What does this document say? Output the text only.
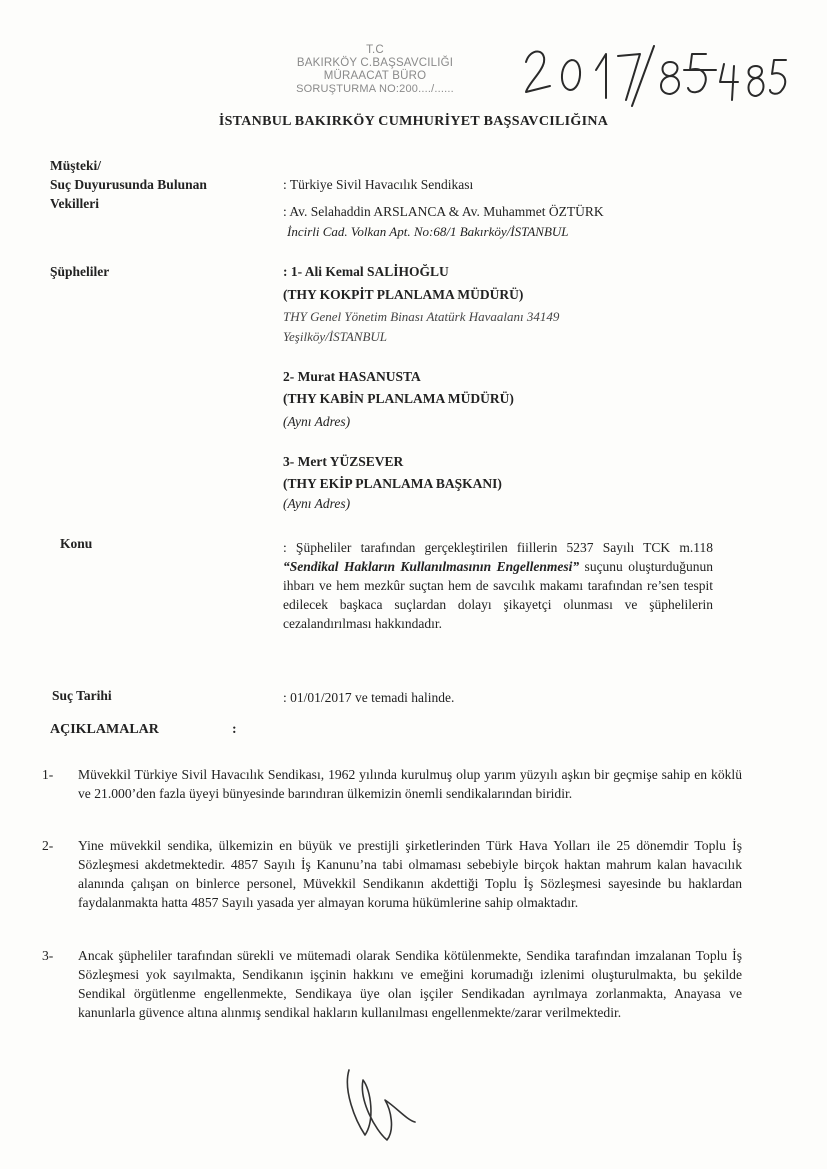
T.C
BAKIRKÖY C.BAŞSAVCILIĞI
MÜRAACAT BÜRO
SORUŞTURMA NO:200..../......
İSTANBUL BAKIRKÖY CUMHURİYET BAŞSAVCILIĞINA
Müşteki/
Suç Duyurusunda Bulunan
Vekilleri
: Türkiye Sivil Havacılık Sendikası
: Av. Selahaddin ARSLANCA & Av. Muhammet ÖZTÜRK
İncirli Cad. Volkan Apt. No:68/1 Bakırköy/İSTANBUL
Şüpheliler	: 1- Ali Kemal SALİHOĞLU
(THY KOKPİT PLANLAMA MÜDÜRÜ)
THY Genel Yönetim Binası Atatürk Havaalanı 34149
Yeşilköy/İSTANBUL
2- Murat HASANUSTA
(THY KABİN PLANLAMA MÜDÜRÜ)
(Aynı Adres)
3- Mert YÜZSEVER
(THY EKİP PLANLAMA BAŞKANI)
(Aynı Adres)
Konu	: Şüpheliler tarafından gerçekleştirilen fiillerin 5237 Sayılı TCK m.118 “Sendikal Hakların Kullanılmasının Engellenmesi” suçunu oluşturduğunun ihbarı ve hem mezkûr suçtan hem de savcılık makamı tarafından re’sen tespit edilecek başkaca suçlardan dolayı şikayetçi olunması ve şüphelilerin cezalandırılması hakkındadır.
Suç Tarihi	: 01/01/2017 ve temadi halinde.
AÇIKLAMALAR	:
1- Müvekkil Türkiye Sivil Havacılık Sendikası, 1962 yılında kurulmuş olup yarım yüzyılı aşkın bir geçmişe sahip en köklü ve 21.000’den fazla üyeyi bünyesinde barındıran ülkemizin önemli sendikalarından biridir.
2- Yine müvekkil sendika, ülkemizin en büyük ve prestijli şirketlerinden Türk Hava Yolları ile 25 dönemdir Toplu İş Sözleşmesi akdetmektedir. 4857 Sayılı İş Kanunu’na tabi olmaması sebebiyle birçok haktan mahrum kalan havacılık alanında çalışan on binlerce personel, Müvekkil Sendikanın akdettiği Toplu İş Sözleşmesi sayesinde bu haklardan faydalanmakta hatta 4857 Sayılı yasada yer almayan koruma hükümlerine sahip olmaktadır.
3- Ancak şüpheliler tarafından sürekli ve mütemadi olarak Sendika kötülenmekte, Sendika tarafından imzalanan Toplu İş Sözleşmesi yok sayılmakta, Sendikanın işçinin hakkını ve emeğini korumadığı izlenimi oluşturulmakta, bu şekilde Sendikal örgütlenme engellenmekte, Sendikaya üye olan işçiler Sendikadan ayrılmaya zorlanmakta, Anayasa ve kanunlarla güvence altına alınmış sendikal hakların kullanılması engellenmekte/zarar verilmektedir.
